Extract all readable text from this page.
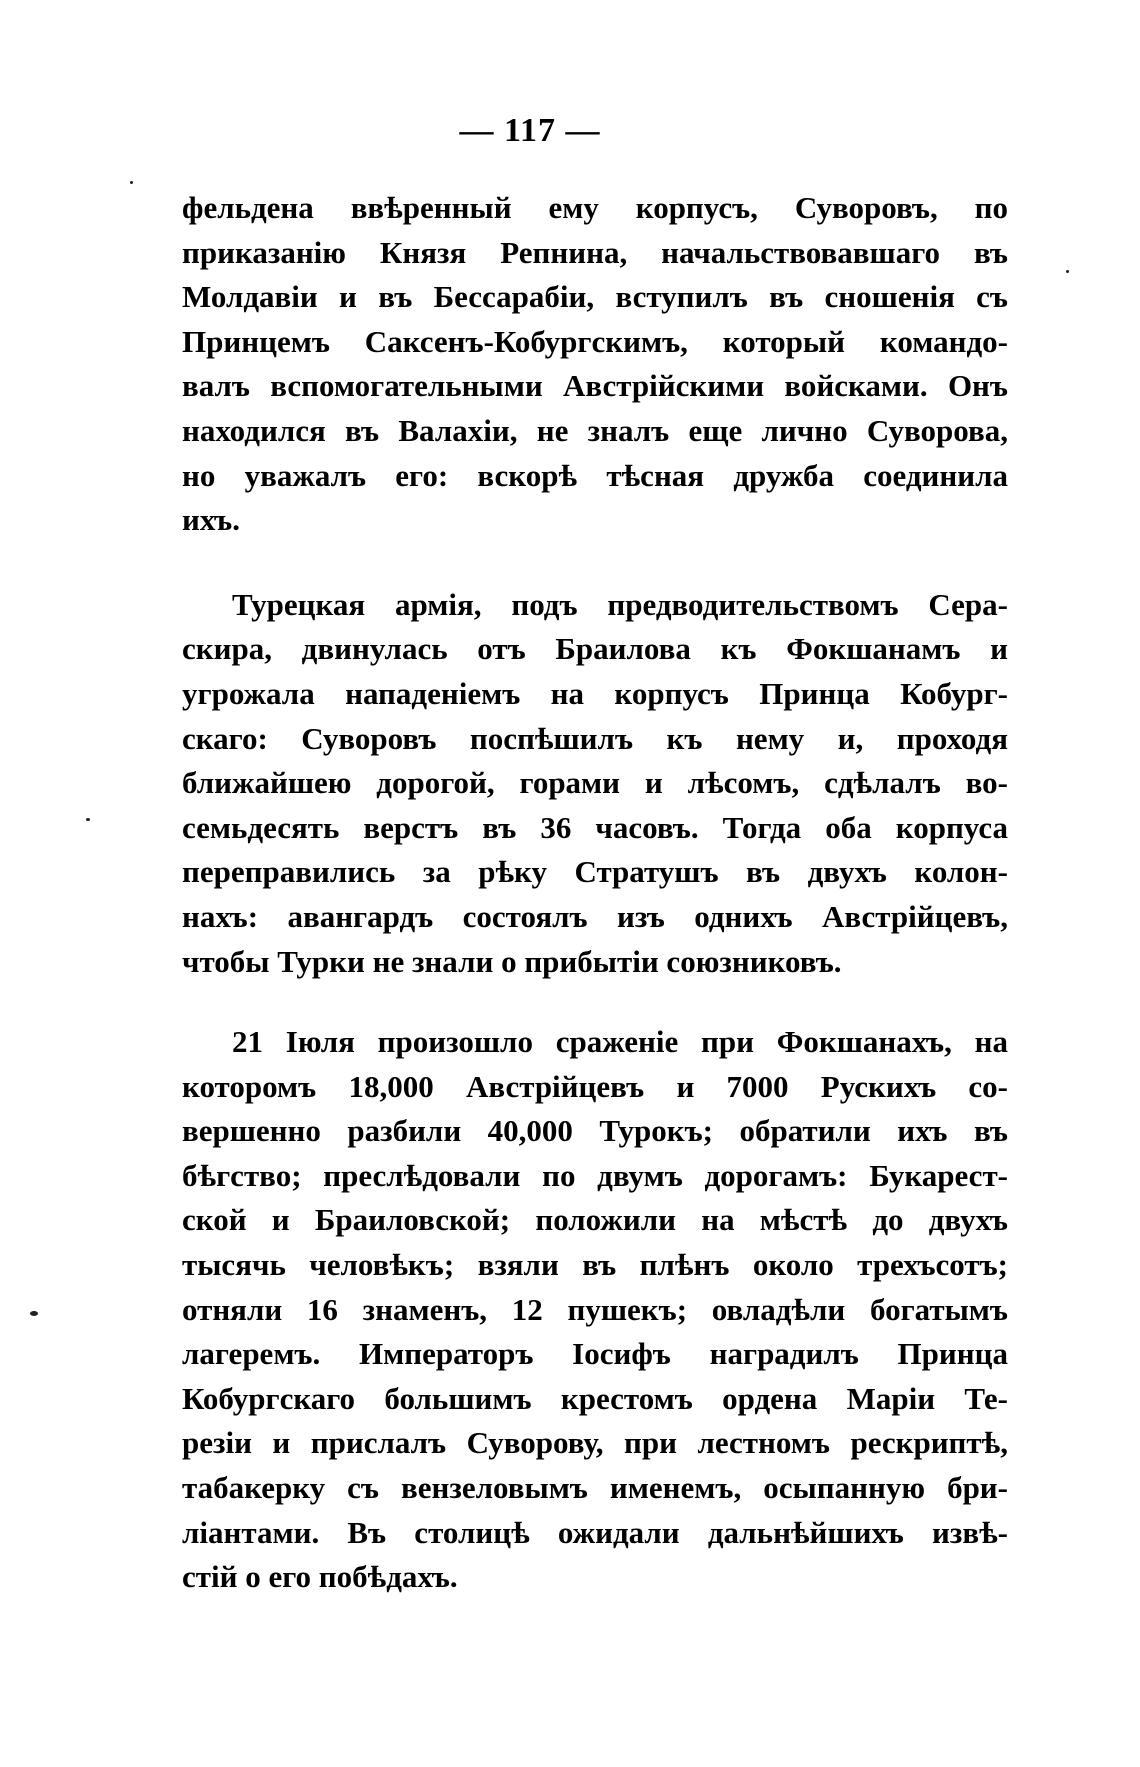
— 117 —
фельдена ввѣренный ему корпусъ, Суворовъ, по
приказанію Князя Репнина, начальствовавшаго въ
Молдавіи и въ Бессарабіи, вступилъ въ сношенія съ
Принцемъ Саксенъ-Кобургскимъ, который командо-
валъ вспомогательными Австрійскими войсками. Онъ
находился въ Валахіи, не зналъ еще лично Суворова,
но уважалъ его: вскорѣ тѣсная дружба соединила
ихъ.
Турецкая армія, подъ предводительствомъ Сера-
скира, двинулась отъ Браилова къ Фокшанамъ и
угрожала нападеніемъ на корпусъ Принца Кобург-
скаго: Суворовъ поспѣшилъ къ нему и, проходя
ближайшею дорогой, горами и лѣсомъ, сдѣлалъ во-
семьдесять верстъ въ 36 часовъ. Тогда оба корпуса
переправились за рѣку Стратушъ въ двухъ колон-
нахъ: авангардъ состоялъ изъ однихъ Австрійцевъ,
чтобы Турки не знали о прибытіи союзниковъ.
21 Іюля произошло сраженіе при Фокшанахъ, на
которомъ 18,000 Австрійцевъ и 7000 Рускихъ со-
вершенно разбили 40,000 Турокъ; обратили ихъ въ
бѣгство; преслѣдовали по двумъ дорогамъ: Букарест-
ской и Браиловской; положили на мѣстѣ до двухъ
тысячь человѣкъ; взяли въ плѣнъ около трехъсотъ;
отняли 16 знаменъ, 12 пушекъ; овладѣли богатымъ
лагеремъ. Императоръ Іосифъ наградилъ Принца
Кобургскаго большимъ крестомъ ордена Маріи Те-
резіи и прислалъ Суворову, при лестномъ рескриптѣ,
табакерку съ вензеловымъ именемъ, осыпанную бри-
ліантами. Въ столицѣ ожидали дальнѣйшихъ извѣ-
стій о его побѣдахъ.
